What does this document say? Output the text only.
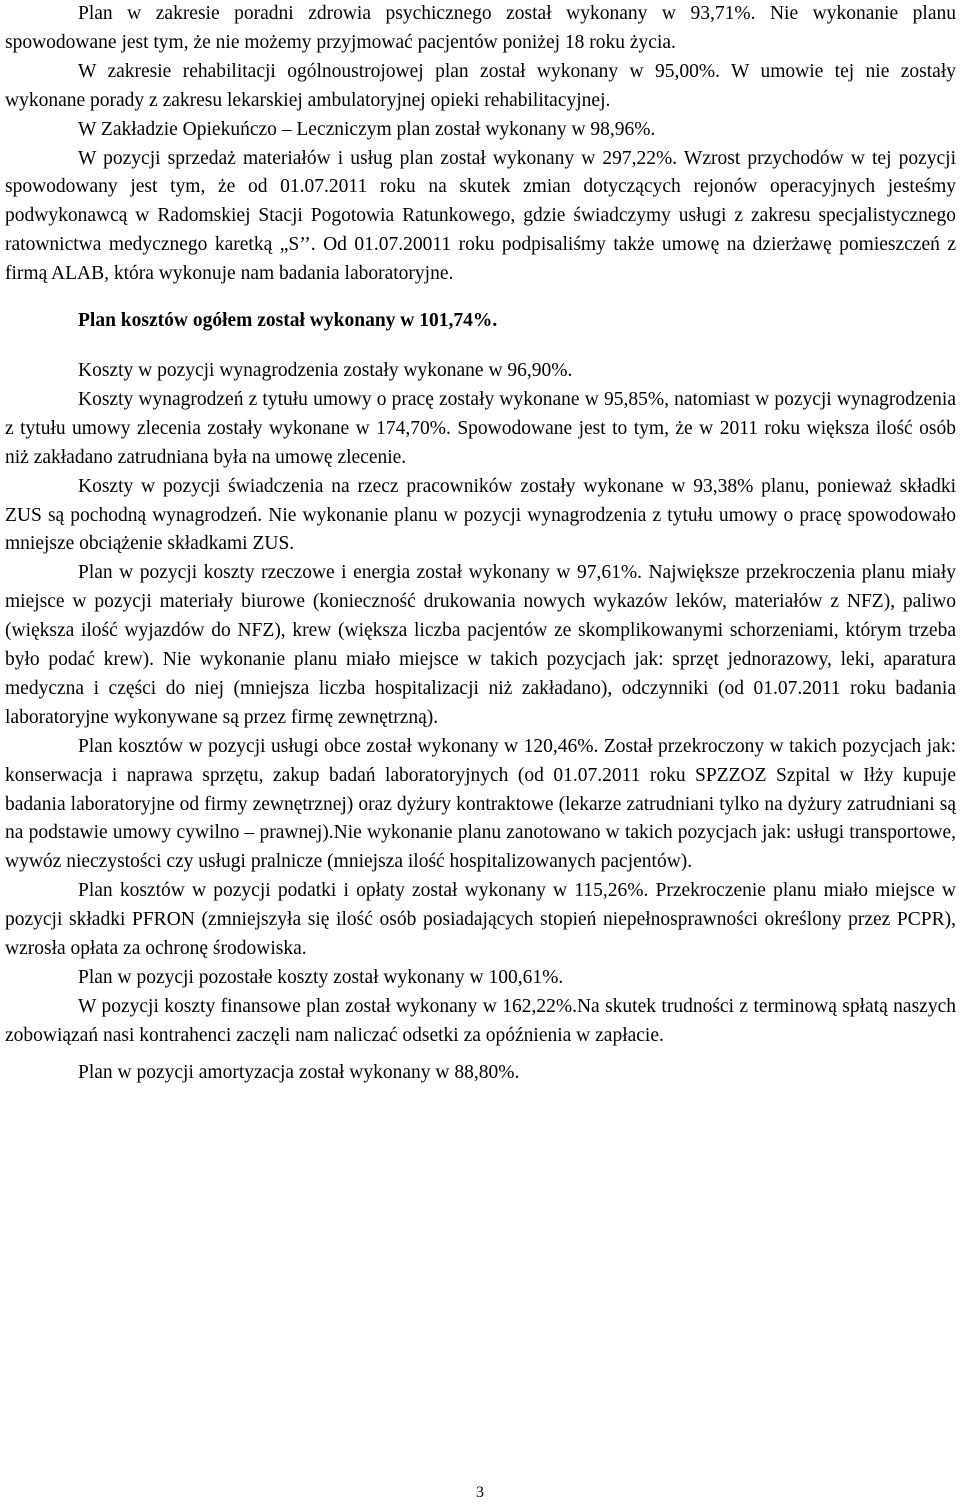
Plan w zakresie poradni zdrowia psychicznego został wykonany w 93,71%. Nie wykonanie planu spowodowane jest tym, że nie możemy przyjmować pacjentów poniżej 18 roku życia.

W zakresie rehabilitacji ogólnoustrojowej plan został wykonany w 95,00%. W umowie tej nie zostały wykonane porady z zakresu lekarskiej ambulatoryjnej opieki rehabilitacyjnej.

W Zakładzie Opiekuńczo – Leczniczym plan został wykonany w 98,96%.

W pozycji sprzedaż materiałów i usług plan został wykonany w 297,22%. Wzrost przychodów w tej pozycji spowodowany jest tym, że od 01.07.2011 roku na skutek zmian dotyczących rejonów operacyjnych jesteśmy podwykonawcą w Radomskiej Stacji Pogotowia Ratunkowego, gdzie świadczymy usługi z zakresu specjalistycznego ratownictwa medycznego karetką „S’’. Od 01.07.20011 roku podpisaliśmy także umowę na dzierżawę pomieszczeń z firmą ALAB, która wykonuje nam badania laboratoryjne.

Plan kosztów ogółem został wykonany w 101,74%.

Koszty w pozycji wynagrodzenia zostały wykonane w 96,90%.

Koszty wynagrodzeń z tytułu umowy o pracę zostały wykonane w 95,85%, natomiast w pozycji wynagrodzenia z tytułu umowy zlecenia zostały wykonane w 174,70%. Spowodowane jest to tym, że w 2011 roku większa ilość osób niż zakładano zatrudniana była na umowę zlecenie.

Koszty w pozycji świadczenia na rzecz pracowników zostały wykonane w 93,38% planu, ponieważ składki ZUS są pochodną wynagrodzeń. Nie wykonanie planu w pozycji wynagrodzenia z tytułu umowy o pracę spowodowało mniejsze obciążenie składkami ZUS.

Plan w pozycji koszty rzeczowe i energia został wykonany w 97,61%. Największe przekroczenia planu miały miejsce w pozycji materiały biurowe (konieczność drukowania nowych wykazów leków, materiałów z NFZ), paliwo (większa ilość wyjazdów do NFZ), krew (większa liczba pacjentów ze skomplikowanymi schorzeniami, którym trzeba było podać krew). Nie wykonanie planu miało miejsce w takich pozycjach jak: sprzęt jednorazowy, leki, aparatura medyczna i części do niej (mniejsza liczba hospitalizacji niż zakładano), odczynniki (od 01.07.2011 roku badania laboratoryjne wykonywane są przez firmę zewnętrzną).

Plan kosztów w pozycji usługi obce został wykonany w 120,46%. Został przekroczony w takich pozycjach jak: konserwacja i naprawa sprzętu, zakup badań laboratoryjnych (od 01.07.2011 roku SPZZOZ Szpital w Iłży kupuje badania laboratoryjne od firmy zewnętrznej) oraz dyżury kontraktowe (lekarze zatrudniani tylko na dyżury zatrudniani są na podstawie umowy cywilno – prawnej).Nie wykonanie planu zanotowano w takich pozycjach jak: usługi transportowe, wywóz nieczystości czy usługi pralnicze (mniejsza ilość hospitalizowanych pacjentów).

Plan kosztów w pozycji podatki i opłaty został wykonany w 115,26%. Przekroczenie planu miało miejsce w pozycji składki PFRON (zmniejszyła się ilość osób posiadających stopień niepełnosprawności określony przez PCPR), wzrosła opłata za ochronę środowiska.

Plan w pozycji pozostałe koszty został wykonany w 100,61%.

W pozycji koszty finansowe plan został wykonany w 162,22%.Na skutek trudności z terminową spłatą naszych zobowiązań nasi kontrahenci zaczęli nam naliczać odsetki za opóźnienia w zapłacie.

Plan w pozycji amortyzacja został wykonany w 88,80%.

3
